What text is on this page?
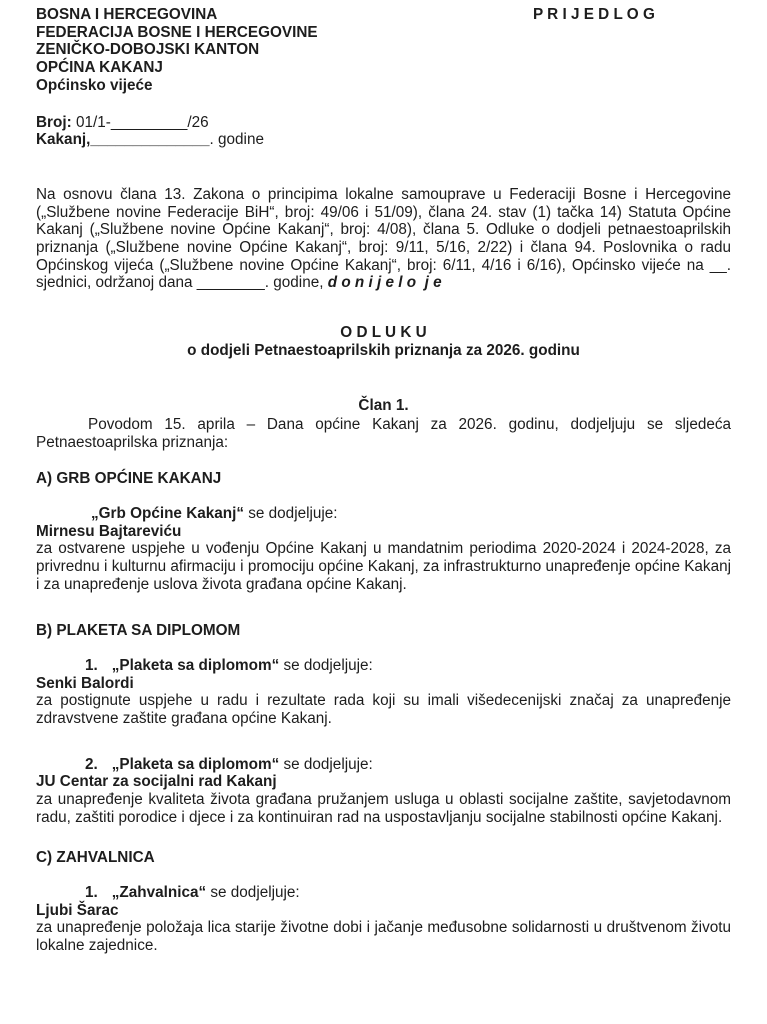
BOSNA I HERCEGOVINA
FEDERACIJA BOSNE I HERCEGOVINE
ZENIČKO-DOBOJSKI KANTON
OPĆINA KAKANJ
Općinsko vijeće
P R I J E D L O G
Broj: 01/1-_________/26
Kakanj,______________. godine

Na osnovu člana 13. Zakona o principima lokalne samouprave u Federaciji Bosne i Hercegovine („Službene novine Federacije BiH“, broj: 49/06 i 51/09), člana 24. stav (1) tačka 14) Statuta Općine Kakanj („Službene novine Općine Kakanj“, broj: 4/08), člana 5. Odluke o dodjeli petnaestoaprilskih priznanja („Službene novine Općine Kakanj“, broj: 9/11, 5/16, 2/22) i člana 94. Poslovnika o radu Općinskog vijeća („Službene novine Općine Kakanj“, broj: 6/11, 4/16 i 6/16), Općinsko vijeće na __. sjednici, održanoj dana ________. godine, d o n i j e l o  j e

O D L U K U
o dodjeli Petnaestoaprilskih priznanja za 2026. godinu
Član 1.

Povodom 15. aprila – Dana općine Kakanj za 2026. godinu, dodjeljuju se sljedeća Petnaestoaprilska priznanja:

A) GRB OPĆINE KAKANJ
„Grb Općine Kakanj“ se dodjeljuje:
Mirnesu Bajtareviću

za ostvarene uspjehe u vođenju Općine Kakanj u mandatnim periodima 2020-2024 i 2024-2028, za privrednu i kulturnu afirmaciju i promociju općine Kakanj, za infrastrukturno unapređenje općine Kakanj i za unapređenje uslova života građana općine Kakanj.

B) PLAKETA SA DIPLOMOM
1. „Plaketa sa diplomom“ se dodjeljuje:
Senki Balordi

za postignute uspjehe u radu i rezultate rada koji su imali višedecenijski značaj za unapređenje zdravstvene zaštite građana općine Kakanj.

2. „Plaketa sa diplomom“ se dodjeljuje:
JU Centar za socijalni rad Kakanj

za unapređenje kvaliteta života građana pružanjem usluga u oblasti socijalne zaštite, savjetodavnom radu, zaštiti porodice i djece i za kontinuiran rad na uspostavljanju socijalne stabilnosti općine Kakanj.

C) ZAHVALNICA
1. „Zahvalnica“ se dodjeljuje:
Ljubi Šarac

za unapređenje položaja lica starije životne dobi i jačanje međusobne solidarnosti u društvenom životu lokalne zajednice.
